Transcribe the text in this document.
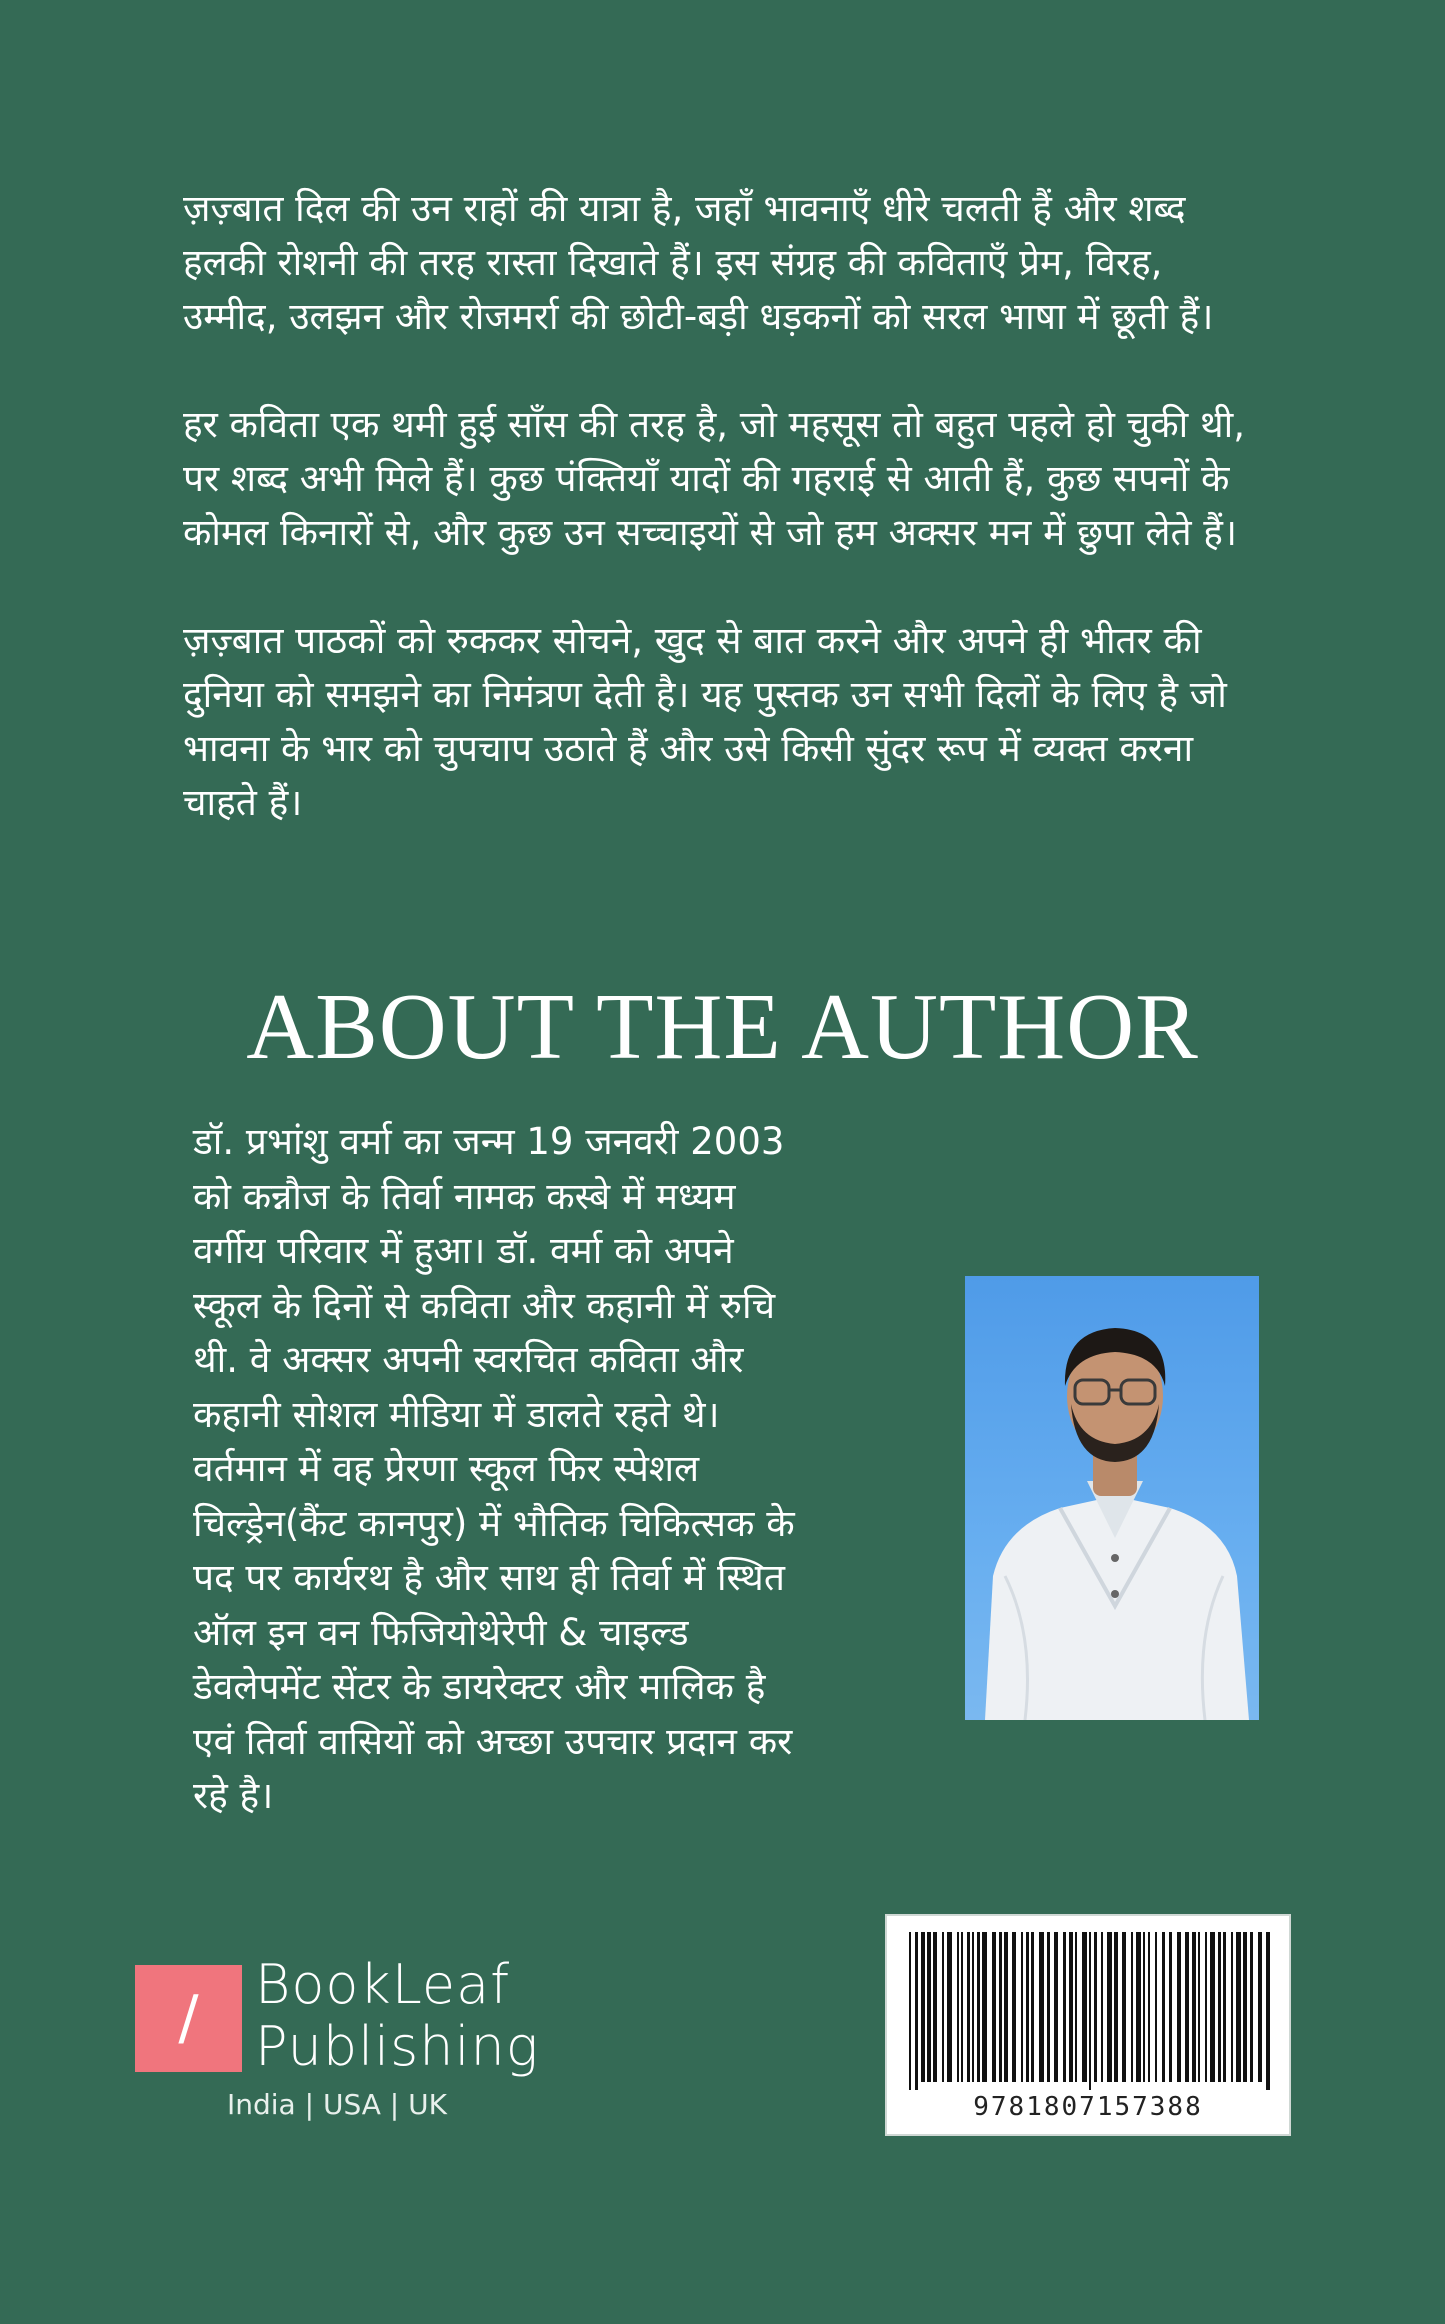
ज़ज़्बात दिल की उन राहों की यात्रा है, जहाँ भावनाएँ धीरे चलती हैं और शब्द हलकी रोशनी की तरह रास्ता दिखाते हैं। इस संग्रह की कविताएँ प्रेम, विरह, उम्मीद, उलझन और रोजमर्रा की छोटी-बड़ी धड़कनों को सरल भाषा में छूती हैं।

हर कविता एक थमी हुई साँस की तरह है, जो महसूस तो बहुत पहले हो चुकी थी, पर शब्द अभी मिले हैं। कुछ पंक्तियाँ यादों की गहराई से आती हैं, कुछ सपनों के कोमल किनारों से, और कुछ उन सच्चाइयों से जो हम अक्सर मन में छुपा लेते हैं।

ज़ज़्बात पाठकों को रुककर सोचने, खुद से बात करने और अपने ही भीतर की दुनिया को समझने का निमंत्रण देती है। यह पुस्तक उन सभी दिलों के लिए है जो भावना के भार को चुपचाप उठाते हैं और उसे किसी सुंदर रूप में व्यक्त करना चाहते हैं।

ABOUT THE AUTHOR
डॉ. प्रभांशु वर्मा का जन्म 19 जनवरी 2003 को कन्नौज के तिर्वा नामक कस्बे में मध्यम वर्गीय परिवार में हुआ। डॉ. वर्मा को अपने स्कूल के दिनों से कविता और कहानी में रुचि थी. वे अक्सर अपनी स्वरचित कविता और कहानी सोशल मीडिया में डालते रहते थे। वर्तमान में वह प्रेरणा स्कूल फिर स्पेशल चिल्ड्रेन(कैंट कानपुर) में भौतिक चिकित्सक के पद पर कार्यरथ है और साथ ही तिर्वा में स्थित ऑल इन वन फिजियोथेरेपी & चाइल्ड डेवलेपमेंट सेंटर के डायरेक्टर और मालिक है एवं तिर्वा वासियों को अच्छा उपचार प्रदान कर रहे है।
/	BookLeaf
Publishing
India | USA | UK	9781807157388
